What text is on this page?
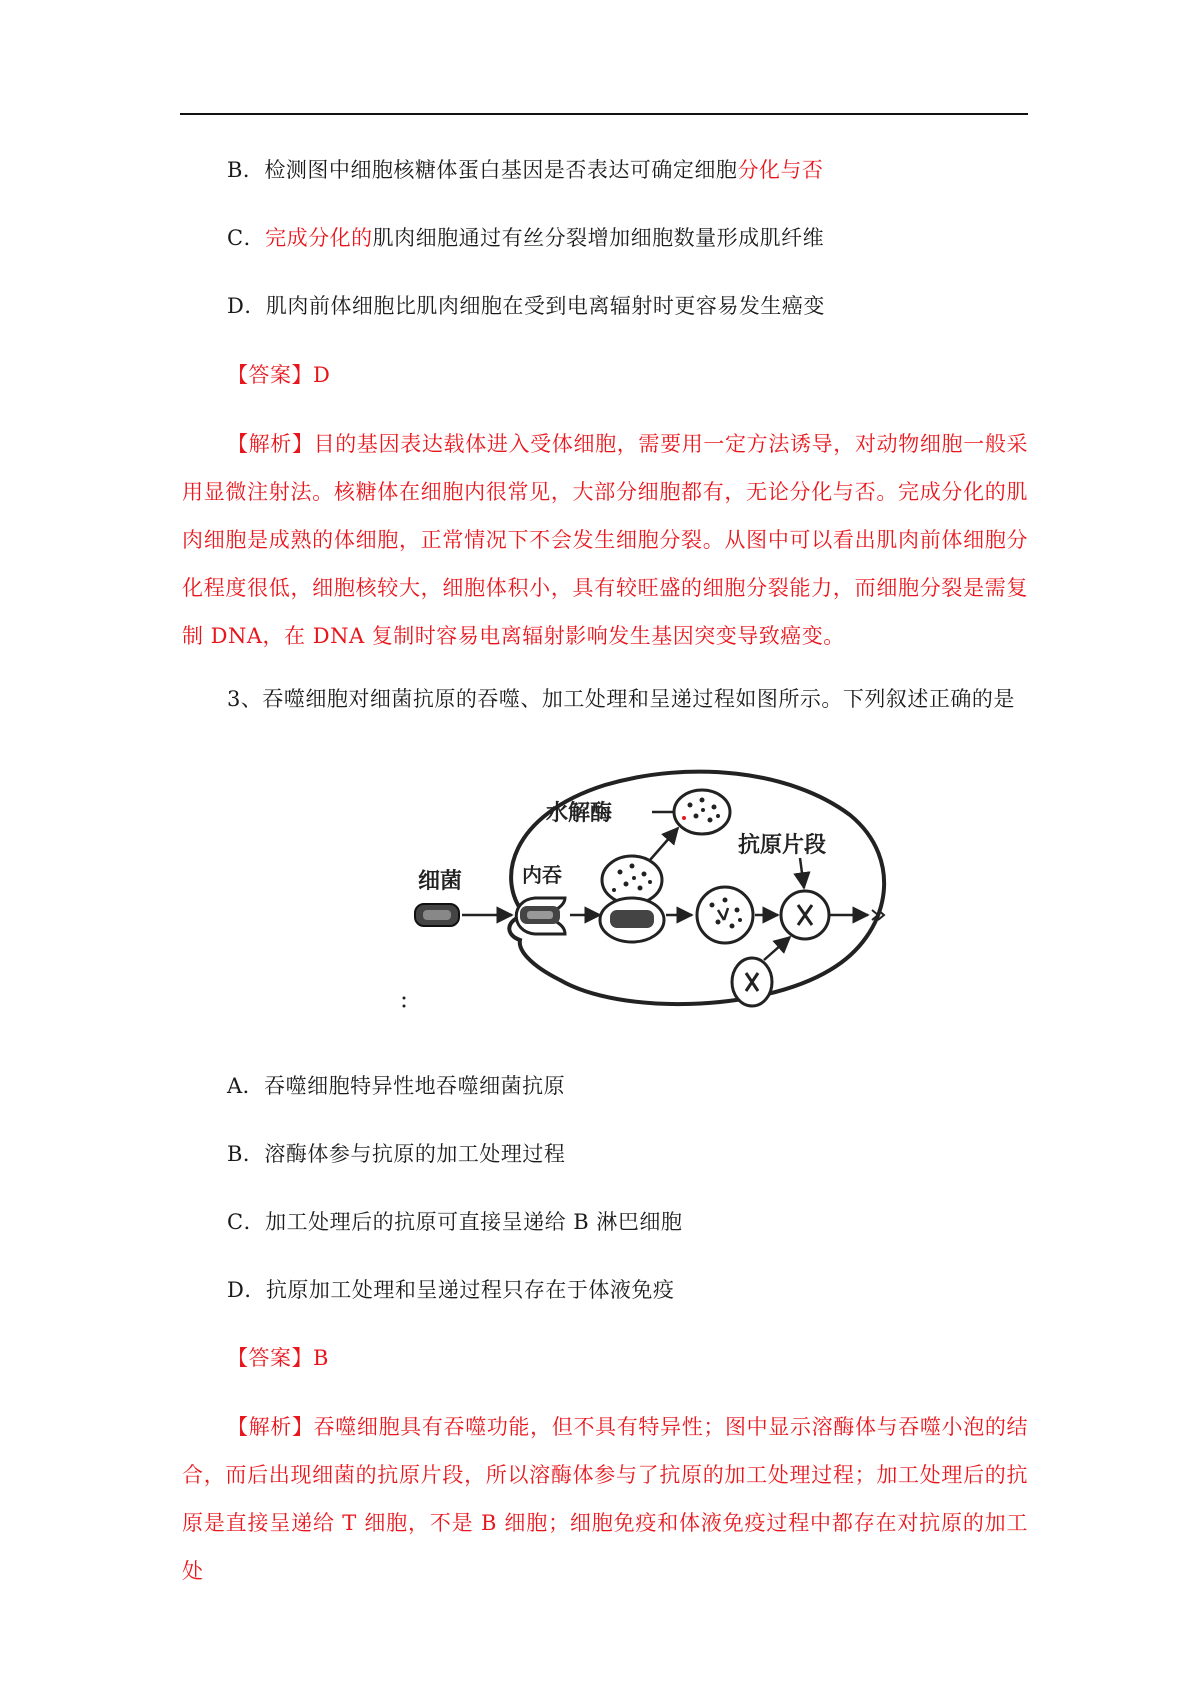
B．检测图中细胞核糖体蛋白基因是否表达可确定细胞分化与否
C．完成分化的肌肉细胞通过有丝分裂增加细胞数量形成肌纤维
D．肌肉前体细胞比肌肉细胞在受到电离辐射时更容易发生癌变
【答案】D
【解析】目的基因表达载体进入受体细胞，需要用一定方法诱导，对动物细胞一般采用显微注射法。核糖体在细胞内很常见，大部分细胞都有，无论分化与否。完成分化的肌肉细胞是成熟的体细胞，正常情况下不会发生细胞分裂。从图中可以看出肌肉前体细胞分化程度很低，细胞核较大，细胞体积小，具有较旺盛的细胞分裂能力，而细胞分裂是需复制 DNA，在 DNA 复制时容易电离辐射影响发生基因突变导致癌变。
3、吞噬细胞对细菌抗原的吞噬、加工处理和呈递过程如图所示。下列叙述正确的是
细菌	内吞
水解酶
抗原片段
A．吞噬细胞特异性地吞噬细菌抗原
B．溶酶体参与抗原的加工处理过程
C．加工处理后的抗原可直接呈递给 B 淋巴细胞
D．抗原加工处理和呈递过程只存在于体液免疫
【答案】B
【解析】吞噬细胞具有吞噬功能，但不具有特异性；图中显示溶酶体与吞噬小泡的结合，而后出现细菌的抗原片段，所以溶酶体参与了抗原的加工处理过程；加工处理后的抗原是直接呈递给 T 细胞，不是 B 细胞；细胞免疫和体液免疫过程中都存在对抗原的加工处
